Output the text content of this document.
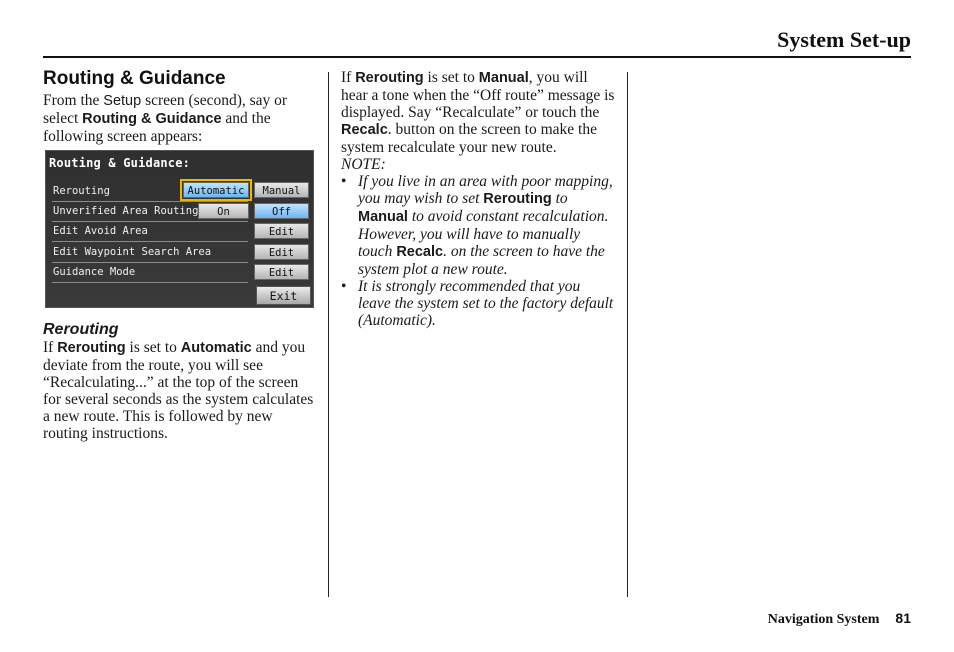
System Set-up
Routing & Guidance

From the Setup screen (second), say or select Routing & Guidance and the following screen appears:

Routing & Guidance:
Rerouting	Automatic	Manual
Unverified Area Routing	On	Off
Edit Avoid Area	Edit
Edit Waypoint Search Area	Edit
Guidance Mode	Edit
Exit
Rerouting

If Rerouting is set to Automatic and you deviate from the route, you will see “Recalculating...” at the top of the screen for several seconds as the system calculates a new route. This is followed by new routing instructions.

If Rerouting is set to Manual, you will hear a tone when the “Off route” message is displayed. Say “Recalculate” or touch the Recalc. button on the screen to make the system recalculate your new route.

NOTE:

• If you live in an area with poor mapping, you may wish to set Rerouting to Manual to avoid constant recalculation. However, you will have to manually touch Recalc. on the screen to have the system plot a new route.
• It is strongly recommended that you leave the system set to the factory default (Automatic).
Navigation System 81
